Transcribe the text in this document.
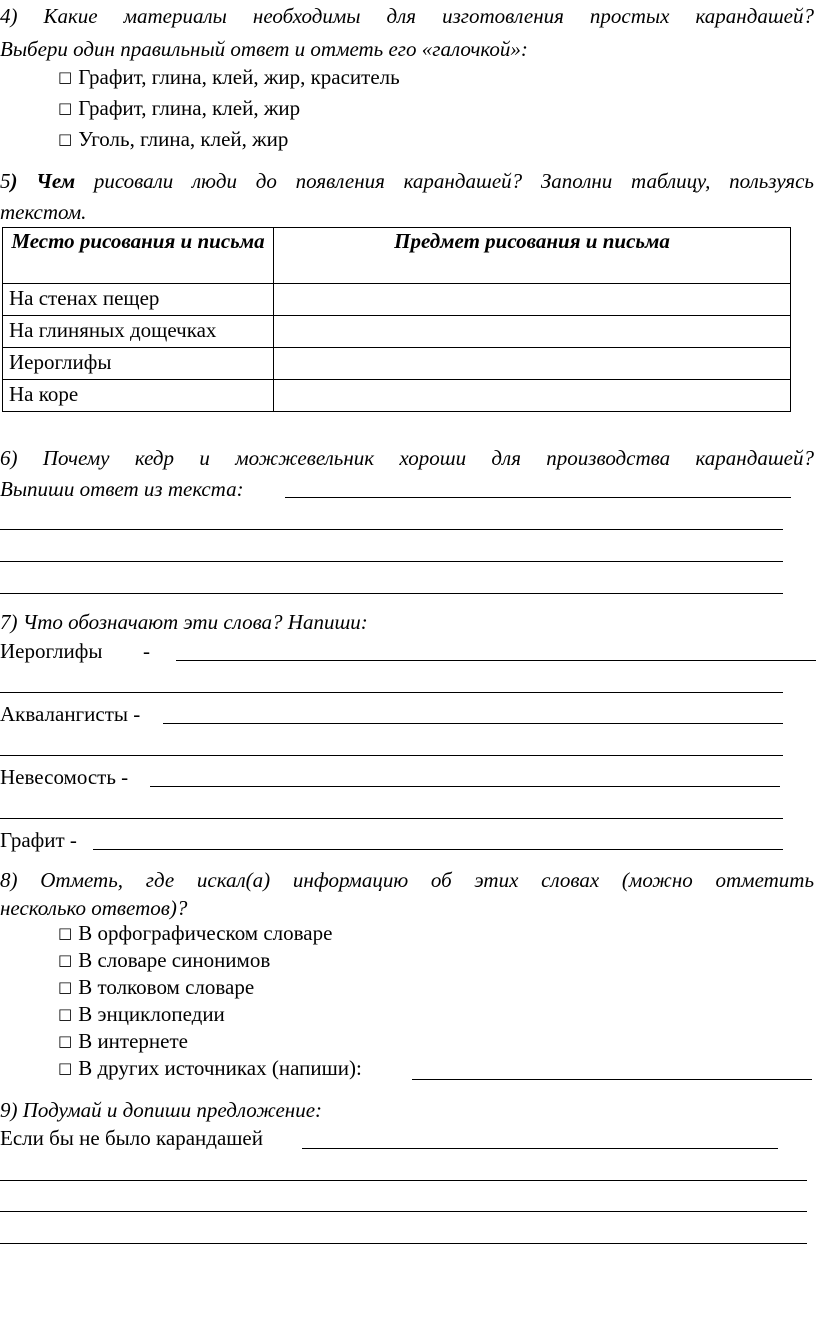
4) Какие материалы необходимы для изготовления простых карандашей?
Выбери один правильный ответ и отметь его «галочкой»:
□ Графит, глина, клей, жир, краситель
□ Графит, глина, клей, жир
□ Уголь, глина, клей, жир
5) Чем рисовали люди до появления карандашей? Заполни таблицу, пользуясь
текстом.
Место рисования и письма	Предмет рисования и письма
На стенах пещер	
На глиняных дощечках	
Иероглифы	
На коре	
6) Почему кедр и можжевельник хороши для производства карандашей?
Выпиши ответ из текста:
7) Что обозначают эти слова? Напиши:
Иероглифы -
Аквалангисты -
Невесомость -
Графит -
8) Отметь, где искал(а) информацию об этих словах (можно отметить
несколько ответов)?
□ В орфографическом словаре
□ В словаре синонимов
□ В толковом словаре
□ В энциклопедии
□ В интернете
□ В других источниках (напиши):
9) Подумай и допиши предложение:
Если бы не было карандашей
